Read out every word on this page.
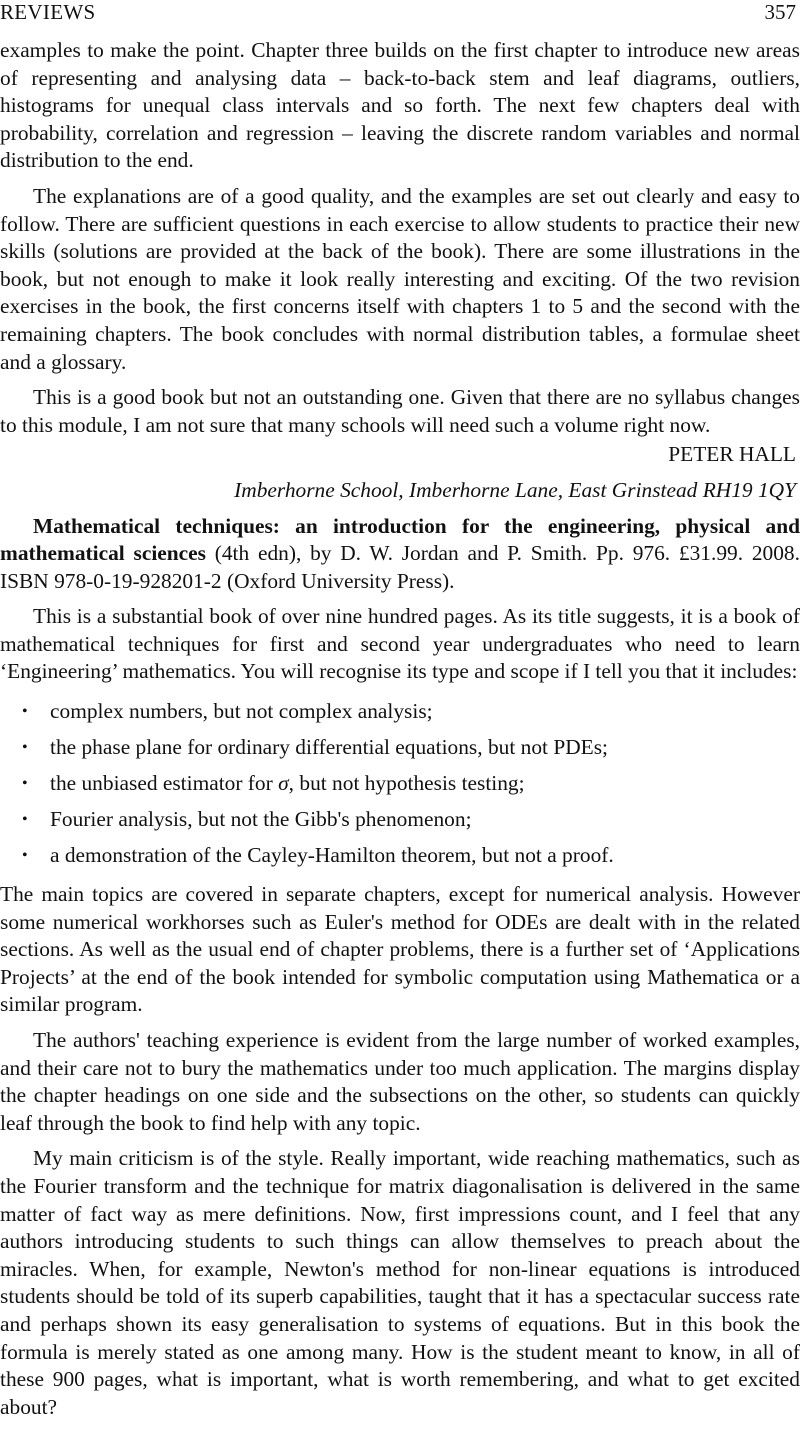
REVIEWS	357

examples to make the point. Chapter three builds on the first chapter to introduce new areas of representing and analysing data – back-to-back stem and leaf diagrams, outliers, histograms for unequal class intervals and so forth. The next few chapters deal with probability, correlation and regression – leaving the discrete random variables and normal distribution to the end.

The explanations are of a good quality, and the examples are set out clearly and easy to follow. There are sufficient questions in each exercise to allow students to practice their new skills (solutions are provided at the back of the book). There are some illustrations in the book, but not enough to make it look really interesting and exciting. Of the two revision exercises in the book, the first concerns itself with chapters 1 to 5 and the second with the remaining chapters. The book concludes with normal distribution tables, a formulae sheet and a glossary.

This is a good book but not an outstanding one. Given that there are no syllabus changes to this module, I am not sure that many schools will need such a volume right now.

PETER HALL

Imberhorne School, Imberhorne Lane, East Grinstead RH19 1QY

Mathematical techniques: an introduction for the engineering, physical and mathematical sciences (4th edn), by D. W. Jordan and P. Smith. Pp. 976. £31.99. 2008. ISBN 978-0-19-928201-2 (Oxford University Press).

This is a substantial book of over nine hundred pages. As its title suggests, it is a book of mathematical techniques for first and second year undergraduates who need to learn ‘Engineering’ mathematics. You will recognise its type and scope if I tell you that it includes:

• complex numbers, but not complex analysis;
• the phase plane for ordinary differential equations, but not PDEs;
• the unbiased estimator for σ, but not hypothesis testing;
• Fourier analysis, but not the Gibb's phenomenon;
• a demonstration of the Cayley-Hamilton theorem, but not a proof.

The main topics are covered in separate chapters, except for numerical analysis. However some numerical workhorses such as Euler's method for ODEs are dealt with in the related sections. As well as the usual end of chapter problems, there is a further set of ‘Applications Projects’ at the end of the book intended for symbolic computation using Mathematica or a similar program.

The authors' teaching experience is evident from the large number of worked examples, and their care not to bury the mathematics under too much application. The margins display the chapter headings on one side and the subsections on the other, so students can quickly leaf through the book to find help with any topic.

My main criticism is of the style. Really important, wide reaching mathematics, such as the Fourier transform and the technique for matrix diagonalisation is delivered in the same matter of fact way as mere definitions. Now, first impressions count, and I feel that any authors introducing students to such things can allow themselves to preach about the miracles. When, for example, Newton's method for non-linear equations is introduced students should be told of its superb capabilities, taught that it has a spectacular success rate and perhaps shown its easy generalisation to systems of equations. But in this book the formula is merely stated as one among many. How is the student meant to know, in all of these 900 pages, what is important, what is worth remembering, and what to get excited about?
